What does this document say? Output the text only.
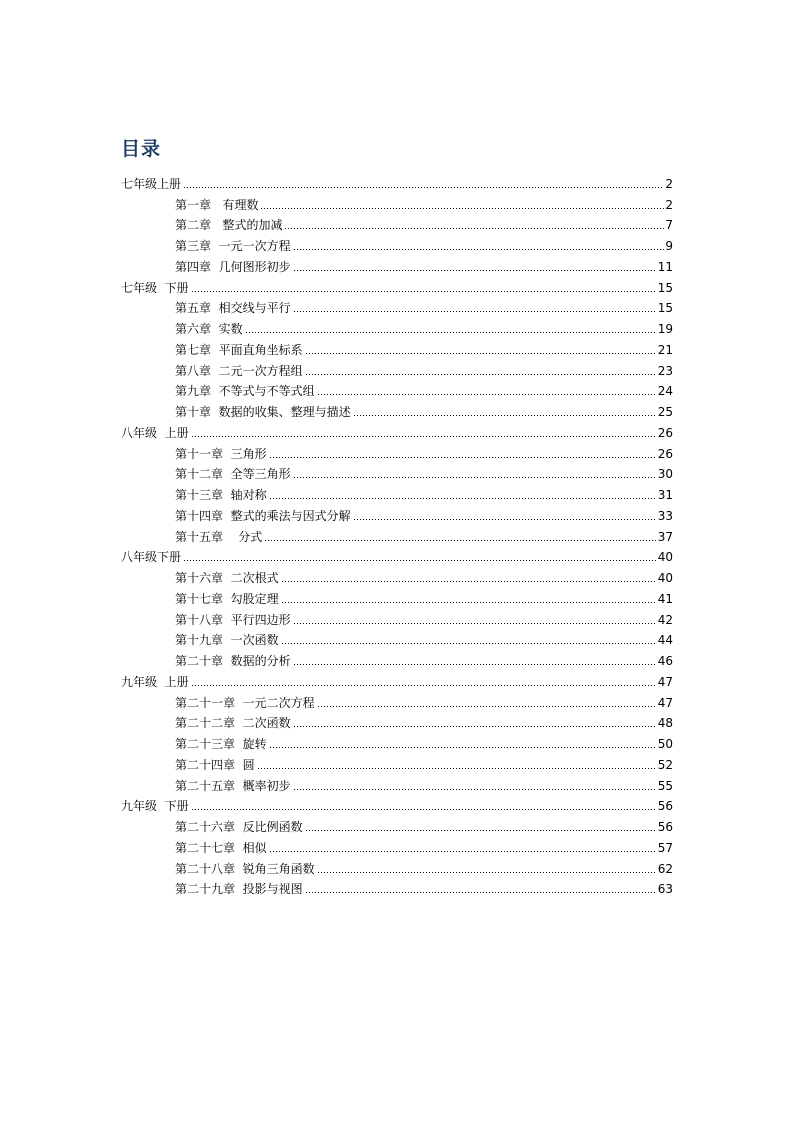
目录
七年级上册	2
第一章   有理数	2
第二章   整式的加减	7
第三章  一元一次方程	9
第四章  几何图形初步	11
七年级  下册	15
第五章  相交线与平行	15
第六章  实数	19
第七章  平面直角坐标系	21
第八章  二元一次方程组	23
第九章  不等式与不等式组	24
第十章  数据的收集、整理与描述	25
八年级  上册	26
第十一章  三角形	26
第十二章  全等三角形	30
第十三章  轴对称	31
第十四章  整式的乘法与因式分解	33
第十五章    分式	37
八年级下册	40
第十六章  二次根式	40
第十七章  勾股定理	41
第十八章  平行四边形	42
第十九章  一次函数	44
第二十章  数据的分析	46
九年级  上册	47
第二十一章  一元二次方程	47
第二十二章  二次函数	48
第二十三章  旋转	50
第二十四章  圆	52
第二十五章  概率初步	55
九年级  下册	56
第二十六章  反比例函数	56
第二十七章  相似	57
第二十八章  锐角三角函数	62
第二十九章  投影与视图	63
